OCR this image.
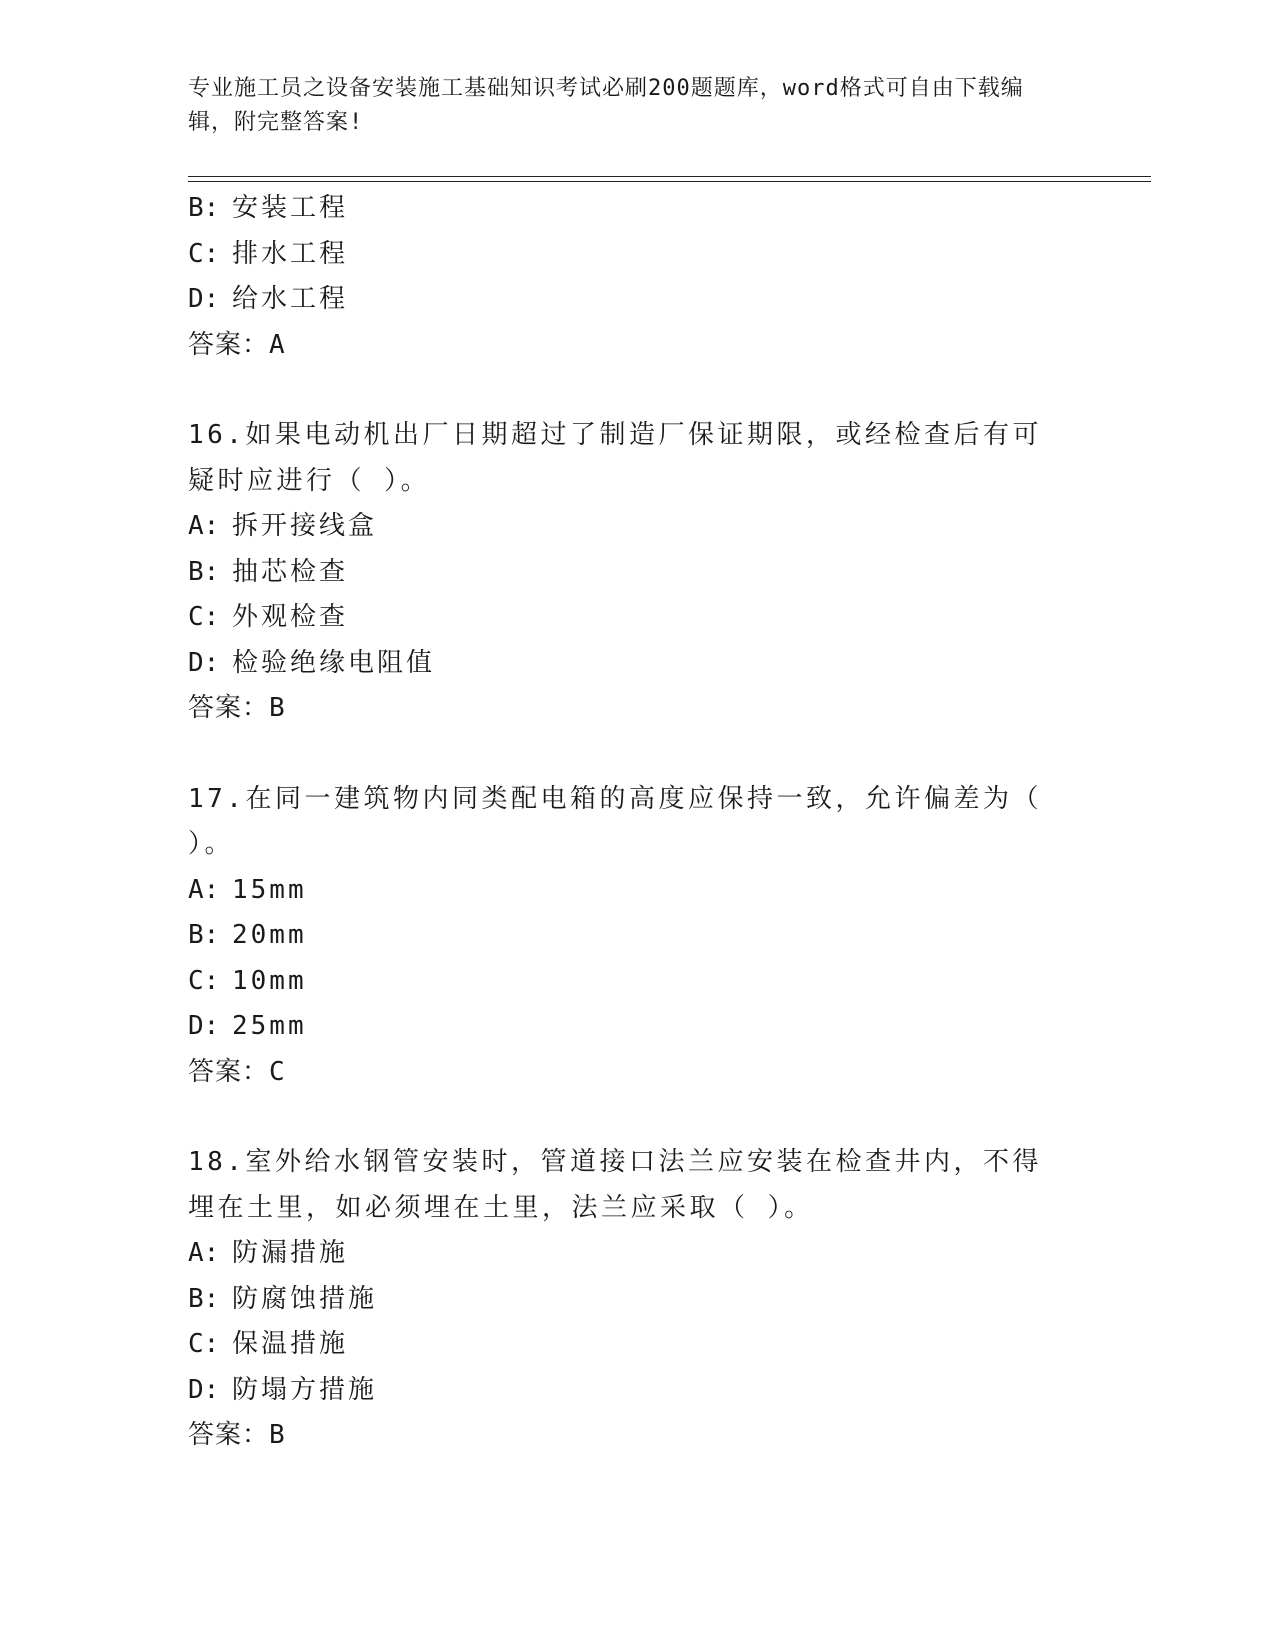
专业施工员之设备安装施工基础知识考试必刷200题题库，word格式可自由下载编辑，附完整答案!
B: 安装工程
C: 排水工程
D: 给水工程
答案：A
16.如果电动机出厂日期超过了制造厂保证期限，或经检查后有可疑时应进行（ ）。
A: 拆开接线盒
B: 抽芯检查
C: 外观检查
D: 检验绝缘电阻值
答案：B
17.在同一建筑物内同类配电箱的高度应保持一致，允许偏差为（ ）。
A: 15mm
B: 20mm
C: 10mm
D: 25mm
答案：C
18.室外给水钢管安装时，管道接口法兰应安装在检查井内，不得埋在土里，如必须埋在土里，法兰应采取（ ）。
A: 防漏措施
B: 防腐蚀措施
C: 保温措施
D: 防塌方措施
答案：B
